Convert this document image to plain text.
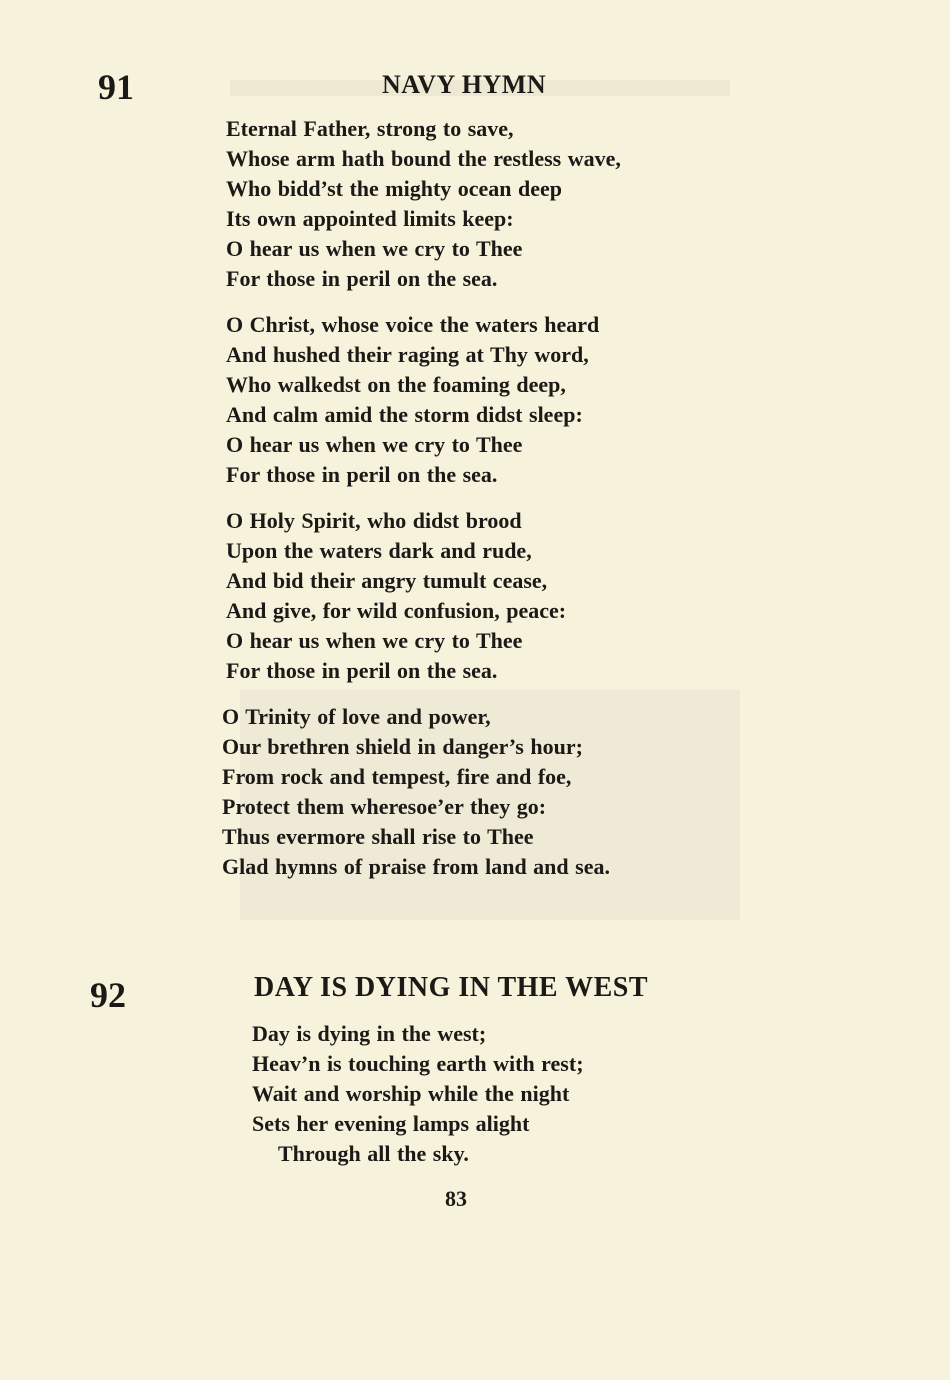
91	NAVY HYMN
Eternal Father, strong to save,
Whose arm hath bound the restless wave,
Who bidd’st the mighty ocean deep
Its own appointed limits keep:
O hear us when we cry to Thee
For those in peril on the sea.
O Christ, whose voice the waters heard
And hushed their raging at Thy word,
Who walkedst on the foaming deep,
And calm amid the storm didst sleep:
O hear us when we cry to Thee
For those in peril on the sea.
O Holy Spirit, who didst brood
Upon the waters dark and rude,
And bid their angry tumult cease,
And give, for wild confusion, peace:
O hear us when we cry to Thee
For those in peril on the sea.
O Trinity of love and power,
Our brethren shield in danger’s hour;
From rock and tempest, fire and foe,
Protect them wheresoe’er they go:
Thus evermore shall rise to Thee
Glad hymns of praise from land and sea.
92	DAY IS DYING IN THE WEST
Day is dying in the west;
Heav’n is touching earth with rest;
Wait and worship while the night
Sets her evening lamps alight
Through all the sky.
83
